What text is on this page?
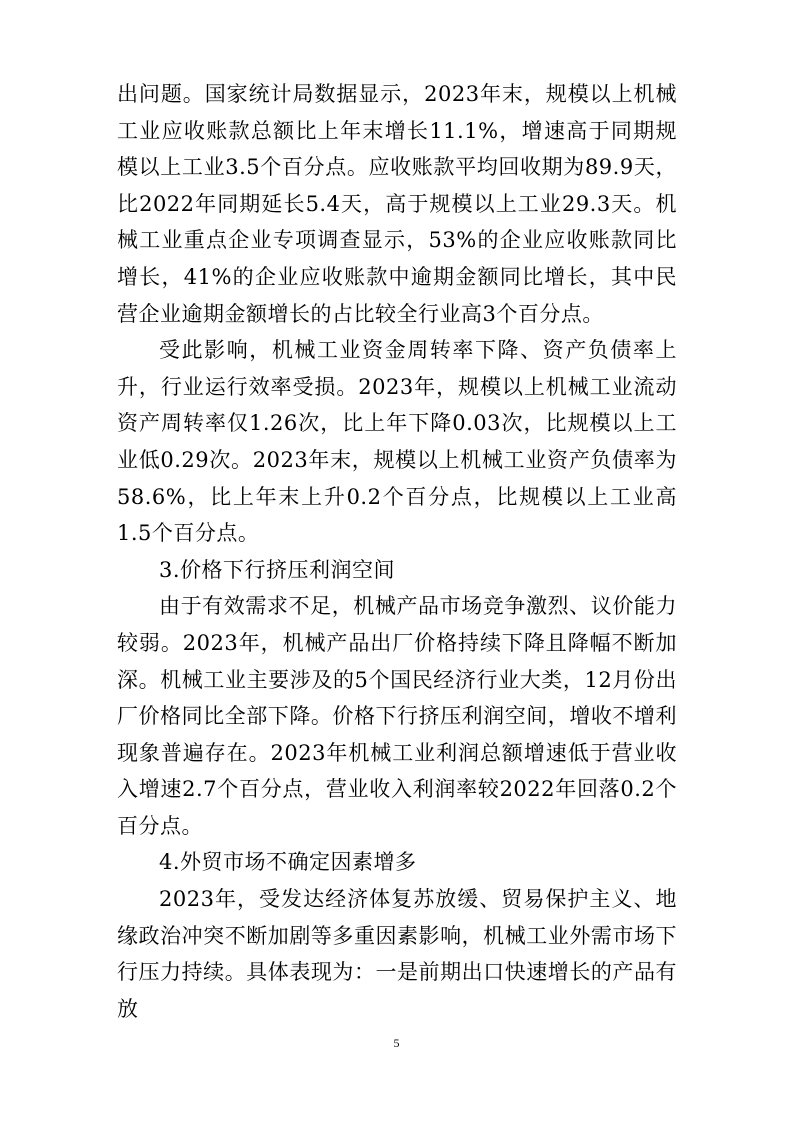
出问题。国家统计局数据显示，2023年末，规模以上机械工业应收账款总额比上年末增长11.1%，增速高于同期规模以上工业3.5个百分点。应收账款平均回收期为89.9天，比2022年同期延长5.4天，高于规模以上工业29.3天。机械工业重点企业专项调查显示，53%的企业应收账款同比增长，41%的企业应收账款中逾期金额同比增长，其中民营企业逾期金额增长的占比较全行业高3个百分点。

受此影响，机械工业资金周转率下降、资产负债率上升，行业运行效率受损。2023年，规模以上机械工业流动资产周转率仅1.26次，比上年下降0.03次，比规模以上工业低0.29次。2023年末，规模以上机械工业资产负债率为58.6%，比上年末上升0.2个百分点，比规模以上工业高1.5个百分点。

3.价格下行挤压利润空间

由于有效需求不足，机械产品市场竞争激烈、议价能力较弱。2023年，机械产品出厂价格持续下降且降幅不断加深。机械工业主要涉及的5个国民经济行业大类，12月份出厂价格同比全部下降。价格下行挤压利润空间，增收不增利现象普遍存在。2023年机械工业利润总额增速低于营业收入增速2.7个百分点，营业收入利润率较2022年回落0.2个百分点。

4.外贸市场不确定因素增多

2023年，受发达经济体复苏放缓、贸易保护主义、地缘政治冲突不断加剧等多重因素影响，机械工业外需市场下行压力持续。具体表现为：一是前期出口快速增长的产品有放

5
